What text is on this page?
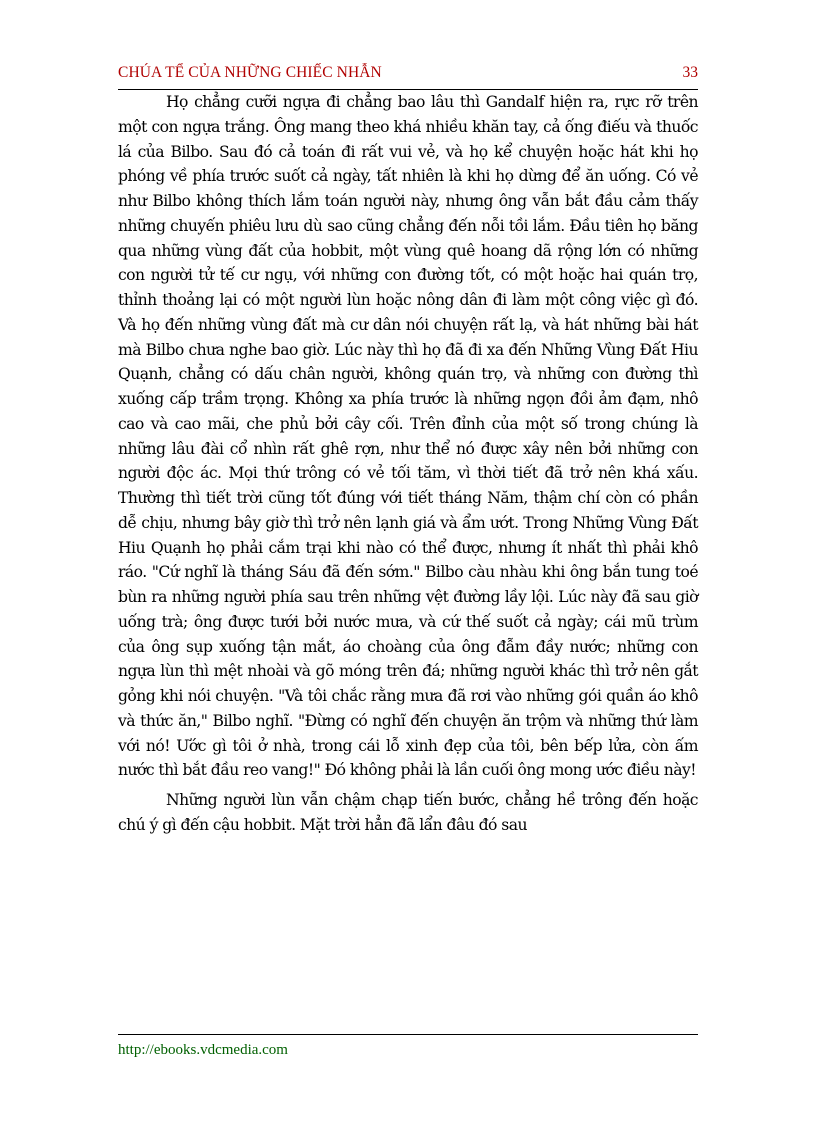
CHÚA TỂ CỦA NHỮNG CHIẾC NHẪN	33

Họ chẳng cưỡi ngựa đi chẳng bao lâu thì Gandalf hiện ra, rực rỡ trên một con ngựa trắng. Ông mang theo khá nhiều khăn tay, cả ống điếu và thuốc lá của Bilbo. Sau đó cả toán đi rất vui vẻ, và họ kể chuyện hoặc hát khi họ phóng về phía trước suốt cả ngày, tất nhiên là khi họ dừng để ăn uống. Có vẻ như Bilbo không thích lắm toán người này, nhưng ông vẫn bắt đầu cảm thấy những chuyến phiêu lưu dù sao cũng chẳng đến nỗi tồi lắm. Đầu tiên họ băng qua những vùng đất của hobbit, một vùng quê hoang dã rộng lớn có những con người tử tế cư ngụ, với những con đường tốt, có một hoặc hai quán trọ, thỉnh thoảng lại có một người lùn hoặc nông dân đi làm một công việc gì đó. Và họ đến những vùng đất mà cư dân nói chuyện rất lạ, và hát những bài hát mà Bilbo chưa nghe bao giờ. Lúc này thì họ đã đi xa đến Những Vùng Đất Hiu Quạnh, chẳng có dấu chân người, không quán trọ, và những con đường thì xuống cấp trầm trọng. Không xa phía trước là những ngọn đồi ảm đạm, nhô cao và cao mãi, che phủ bởi cây cối. Trên đỉnh của một số trong chúng là những lâu đài cổ nhìn rất ghê rợn, như thể nó được xây nên bởi những con người độc ác. Mọi thứ trông có vẻ tối tăm, vì thời tiết đã trở nên khá xấu. Thường thì tiết trời cũng tốt đúng với tiết tháng Năm, thậm chí còn có phần dễ chịu, nhưng bây giờ thì trở nên lạnh giá và ẩm ướt. Trong Những Vùng Đất Hiu Quạnh họ phải cắm trại khi nào có thể được, nhưng ít nhất thì phải khô ráo. "Cứ nghĩ là tháng Sáu đã đến sớm." Bilbo càu nhàu khi ông bắn tung toé bùn ra những người phía sau trên những vệt đường lầy lội. Lúc này đã sau giờ uống trà; ông được tưới bởi nước mưa, và cứ thế suốt cả ngày; cái mũ trùm của ông sụp xuống tận mắt, áo choàng của ông đẫm đầy nước; những con ngựa lùn thì mệt nhoài và gõ móng trên đá; những người khác thì trở nên gắt gỏng khi nói chuyện. "Và tôi chắc rằng mưa đã rơi vào những gói quần áo khô và thức ăn," Bilbo nghĩ. "Đừng có nghĩ đến chuyện ăn trộm và những thứ làm với nó! Ước gì tôi ở nhà, trong cái lỗ xinh đẹp của tôi, bên bếp lửa, còn ấm nước thì bắt đầu reo vang!" Đó không phải là lần cuối ông mong ước điều này!

Những người lùn vẫn chậm chạp tiến bước, chẳng hề trông đến hoặc chú ý gì đến cậu hobbit. Mặt trời hẳn đã lẩn đâu đó sau

http://ebooks.vdcmedia.com
